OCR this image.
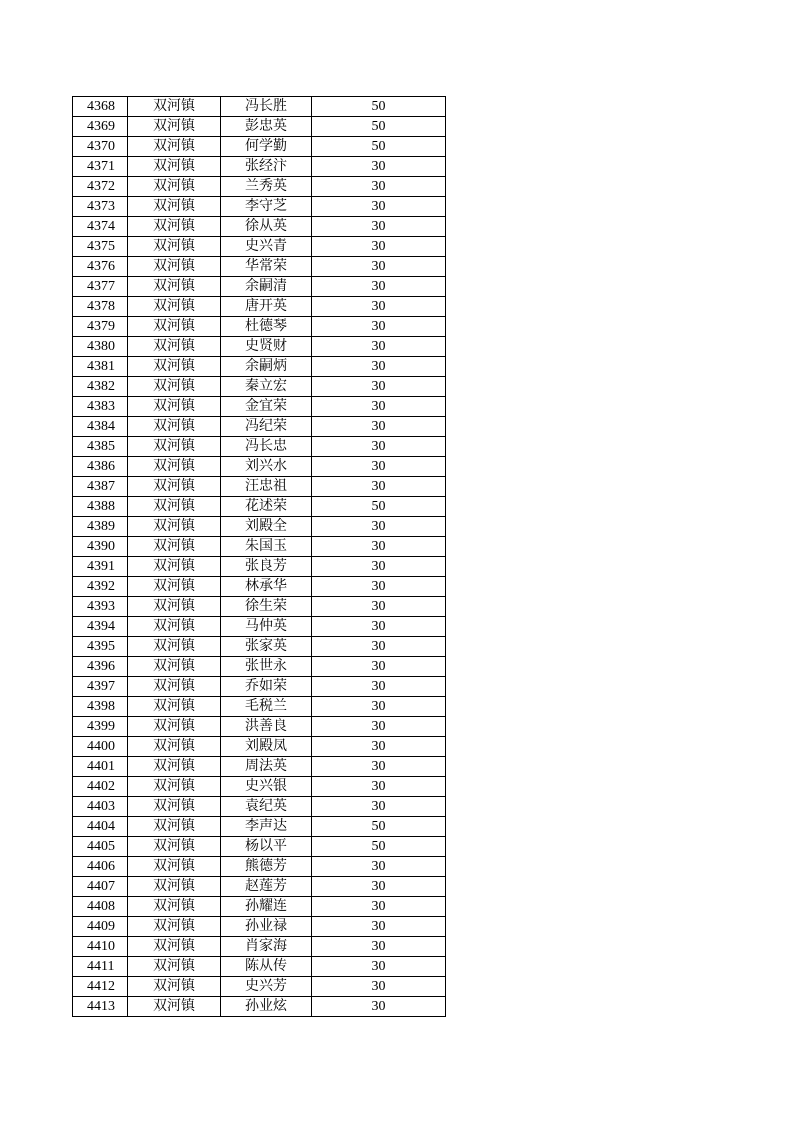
4368	双河镇	冯长胜	50
4369	双河镇	彭忠英	50
4370	双河镇	何学勤	50
4371	双河镇	张经汴	30
4372	双河镇	兰秀英	30
4373	双河镇	李守芝	30
4374	双河镇	徐从英	30
4375	双河镇	史兴青	30
4376	双河镇	华常荣	30
4377	双河镇	余嗣清	30
4378	双河镇	唐开英	30
4379	双河镇	杜德琴	30
4380	双河镇	史贤财	30
4381	双河镇	余嗣炳	30
4382	双河镇	秦立宏	30
4383	双河镇	金宜荣	30
4384	双河镇	冯纪荣	30
4385	双河镇	冯长忠	30
4386	双河镇	刘兴水	30
4387	双河镇	汪忠祖	30
4388	双河镇	花述荣	50
4389	双河镇	刘殿全	30
4390	双河镇	朱国玉	30
4391	双河镇	张良芳	30
4392	双河镇	林承华	30
4393	双河镇	徐生荣	30
4394	双河镇	马仲英	30
4395	双河镇	张家英	30
4396	双河镇	张世永	30
4397	双河镇	乔如荣	30
4398	双河镇	毛税兰	30
4399	双河镇	洪善良	30
4400	双河镇	刘殿凤	30
4401	双河镇	周法英	30
4402	双河镇	史兴银	30
4403	双河镇	袁纪英	30
4404	双河镇	李声达	50
4405	双河镇	杨以平	50
4406	双河镇	熊德芳	30
4407	双河镇	赵莲芳	30
4408	双河镇	孙耀连	30
4409	双河镇	孙业禄	30
4410	双河镇	肖家海	30
4411	双河镇	陈从传	30
4412	双河镇	史兴芳	30
4413	双河镇	孙业炫	30
